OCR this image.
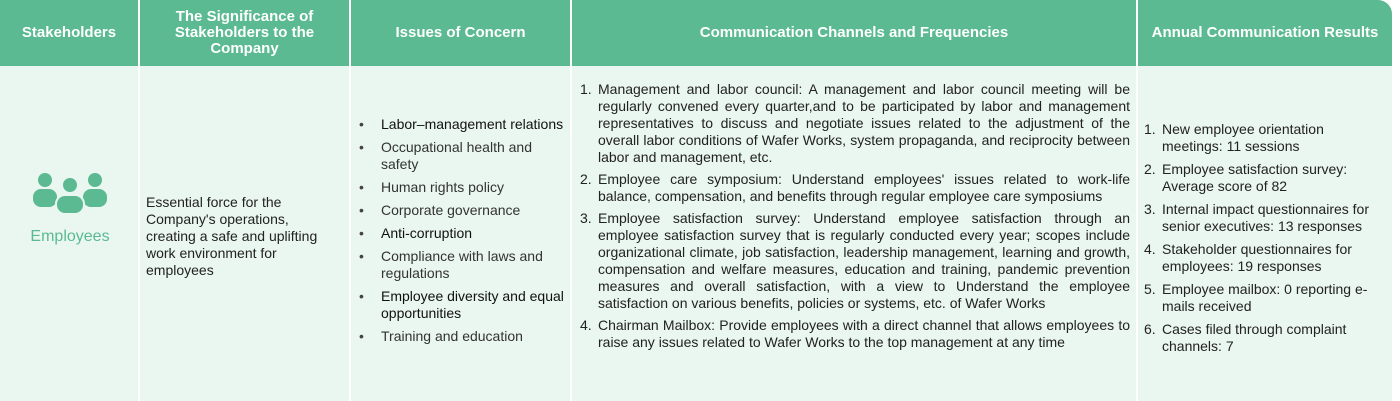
Stakeholders
The Significance of Stakeholders to the Company
Issues of Concern	Communication Channels and Frequencies	Annual Communication Results
Employees
Essential force for the Company's operations, creating a safe and uplifting work environment for employees
• Labor–management relations
• Occupational health and safety
• Human rights policy
• Corporate governance
• Anti-corruption
• Compliance with laws and regulations
• Employee diversity and equal opportunities
• Training and education
1. Management and labor council: A management and labor council meeting will be regularly convened every quarter,and to be participated by labor and management representatives to discuss and negotiate issues related to the adjustment of the overall labor conditions of Wafer Works, system propaganda, and reciprocity between labor and management, etc.
2. Employee care symposium: Understand employees' issues related to work-life balance, compensation, and benefits through regular employee care symposiums
3. Employee satisfaction survey: Understand employee satisfaction through an employee satisfaction survey that is regularly conducted every year; scopes include organizational climate, job satisfaction, leadership management, learning and growth, compensation and welfare measures, education and training, pandemic prevention measures and overall satisfaction, with a view to Understand the employee satisfaction on various benefits, policies or systems, etc. of Wafer Works
4. Chairman Mailbox: Provide employees with a direct channel that allows employees to raise any issues related to Wafer Works to the top management at any time
1. New employee orientation meetings: 11 sessions
2. Employee satisfaction survey: Average score of 82
3. Internal impact questionnaires for senior executives: 13 responses
4. Stakeholder questionnaires for employees: 19 responses
5. Employee mailbox: 0 reporting e-mails received
6. Cases filed through complaint channels: 7
